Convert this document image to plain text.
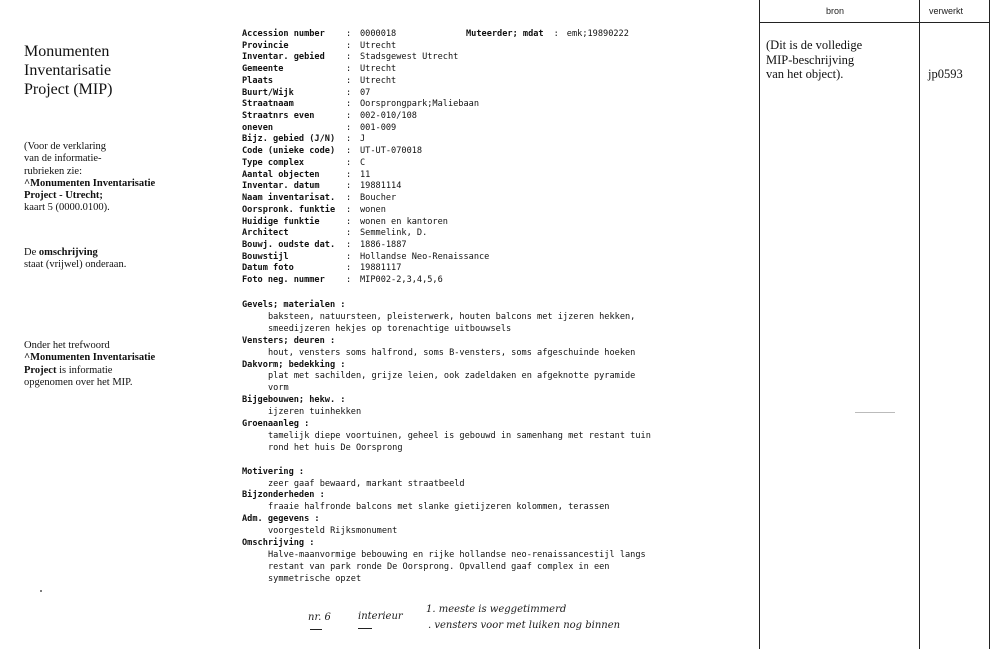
Monumenten
Inventarisatie
Project (MIP)
(Voor de verklaring
van de informatie-
rubrieken zie:
^Monumenten Inventarisatie
Project - Utrecht;
kaart 5 (0000.0100).
De omschrijving
staat (vrijwel) onderaan.
Onder het trefwoord
^Monumenten Inventarisatie
Project is informatie
opgenomen over het MIP.
Accession number	:	0000018
Provincie	:	Utrecht
Inventar. gebied	:	Stadsgewest Utrecht
Gemeente	:	Utrecht
Plaats	:	Utrecht
Buurt/Wijk	:	07
Straatnaam	:	Oorsprongpark;Maliebaan
Straatnrs even	:	002-010/108
oneven	:	001-009
Bijz. gebied (J/N)	:	J
Code (unieke code)	:	UT-UT-070018
Type complex	:	C
Aantal objecten	:	11
Inventar. datum	:	19881114
Naam inventarisat.	:	Boucher
Oorspronk. funktie	:	wonen
Huidige funktie	:	wonen en kantoren
Architect	:	Semmelink, D.
Bouwj. oudste dat.	:	1886-1887
Bouwstijl	:	Hollandse Neo-Renaissance
Datum foto	:	19881117
Foto neg. nummer	:	MIP002-2,3,4,5,6
Muteerder; mdat : emk;19890222
Gevels; materialen :
baksteen, natuursteen, pleisterwerk, houten balcons met ijzeren hekken,
smeedijzeren hekjes op torenachtige uitbouwsels
Vensters; deuren :
hout, vensters soms halfrond, soms B-vensters, soms afgeschuinde hoeken
Dakvorm; bedekking :
plat met sachilden, grijze leien, ook zadeldaken en afgeknotte pyramide
vorm
Bijgebouwen; hekw. :
ijzeren tuinhekken
Groenaanleg :
tamelijk diepe voortuinen, geheel is gebouwd in samenhang met restant tuin
rond het huis De Oorsprong
Motivering :
zeer gaaf bewaard, markant straatbeeld
Bijzonderheden :
fraaie halfronde balcons met slanke gietijzeren kolommen, terassen
Adm. gegevens :
voorgesteld Rijksmonument
Omschrijving :
Halve-maanvormige bebouwing en rijke hollandse neo-renaissancestijl langs
restant van park ronde De Oorsprong. Opvallend gaaf complex in een
symmetrische opzet
bron	verwerkt
(Dit is de volledige
MIP-beschrijving
van het object).	jp0593
nr. 6	interieur
1. meeste is weggetimmerd
. vensters voor met luiken nog binnen
